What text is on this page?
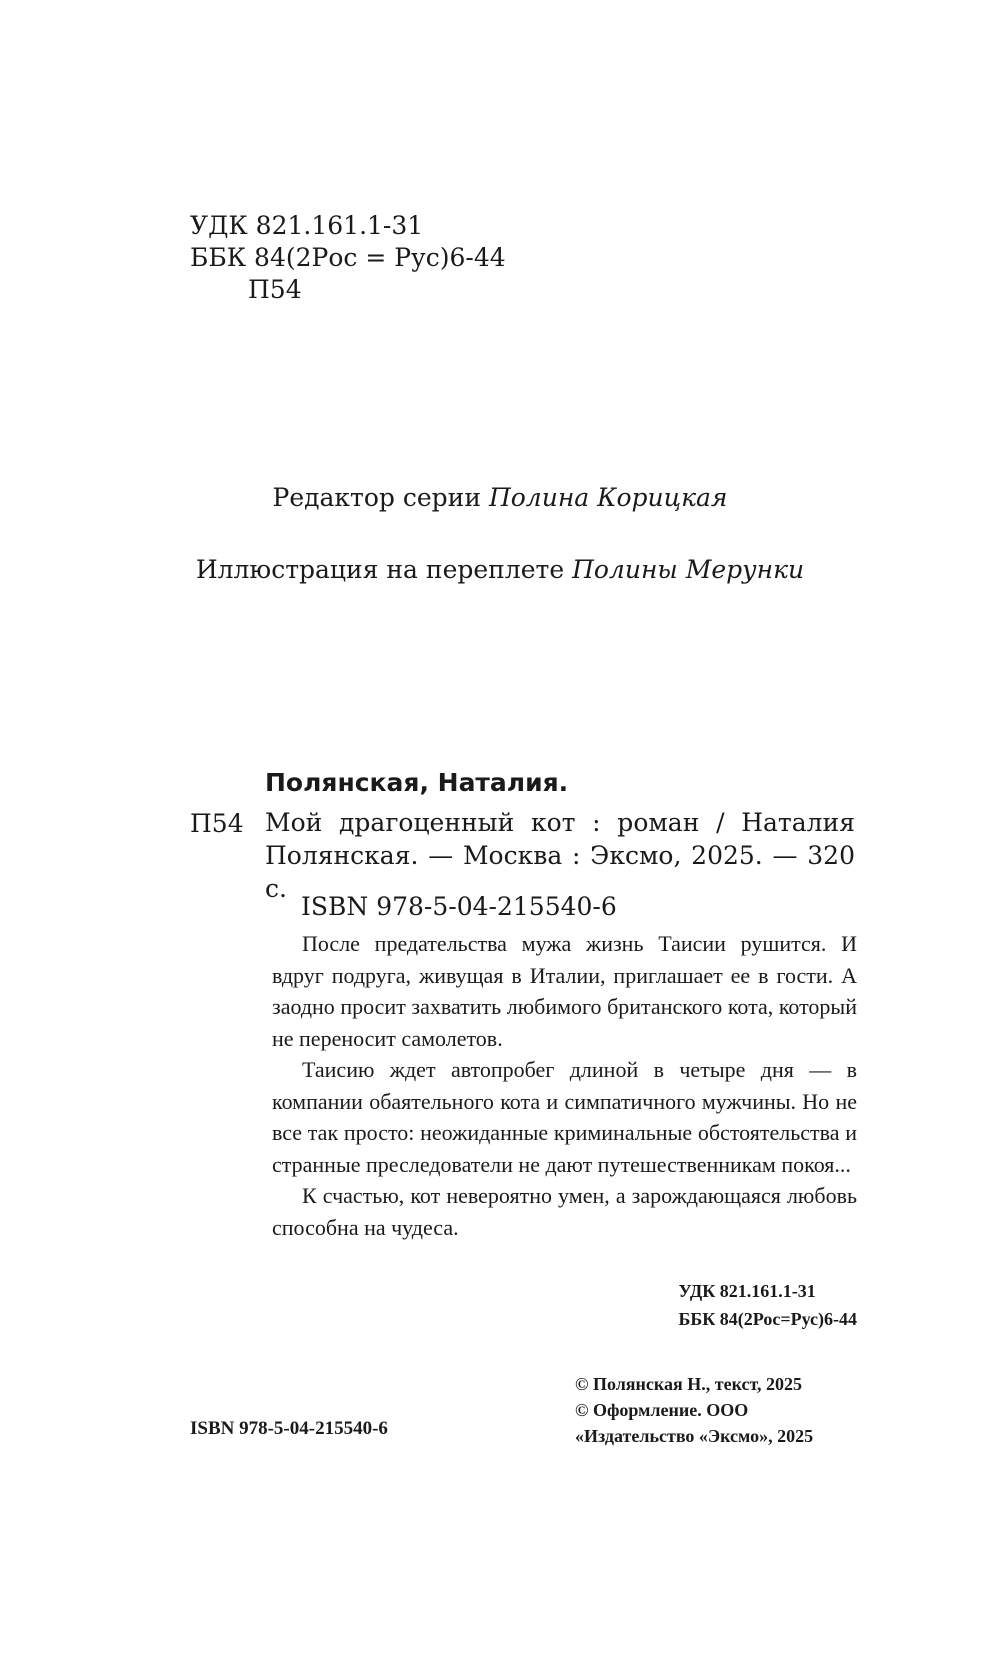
УДК 821.161.1-31
ББК 84(2Рос = Рус)6-44
П54
Редактор серии Полина Корицкая
Иллюстрация на переплете Полины Мерунки
Полянская, Наталия.
П54 Мой драгоценный кот : роман / Наталия Полянская. — Москва : Эксмо, 2025. — 320 с.
ISBN 978-5-04-215540-6

После предательства мужа жизнь Таисии рушится. И вдруг подруга, живущая в Италии, приглашает ее в гости. А заодно просит захватить любимого британского кота, который не переносит самолетов.

Таисию ждет автопробег длиной в четыре дня — в компании обаятельного кота и симпатичного мужчины. Но не все так просто: неожиданные криминальные обстоятельства и странные преследователи не дают путешественникам покоя...

К счастью, кот невероятно умен, а зарождающаяся любовь способна на чудеса.

УДК 821.161.1-31
ББК 84(2Рос=Рус)6-44
© Полянская Н., текст, 2025
© Оформление. ООО
«Издательство «Эксмо», 2025
ISBN 978-5-04-215540-6
